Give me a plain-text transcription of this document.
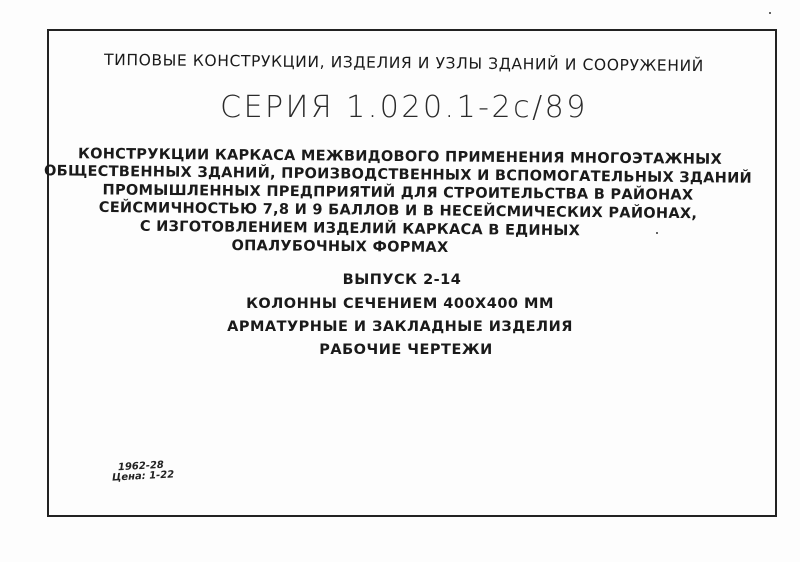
ТИПОВЫЕ КОНСТРУКЦИИ, ИЗДЕЛИЯ И УЗЛЫ ЗДАНИЙ И СООРУЖЕНИЙ
СЕРИЯ 1.020.1-2с/89
КОНСТРУКЦИИ КАРКАСА МЕЖВИДОВОГО ПРИМЕНЕНИЯ МНОГОЭТАЖНЫХ
ОБЩЕСТВЕННЫХ ЗДАНИЙ, ПРОИЗВОДСТВЕННЫХ И ВСПОМОГАТЕЛЬНЫХ ЗДАНИЙ
ПРОМЫШЛЕННЫХ ПРЕДПРИЯТИЙ ДЛЯ СТРОИТЕЛЬСТВА В РАЙОНАХ
СЕЙСМИЧНОСТЬЮ 7,8 И 9 БАЛЛОВ И В НЕСЕЙСМИЧЕСКИХ РАЙОНАХ,
С ИЗГОТОВЛЕНИЕМ ИЗДЕЛИЙ КАРКАСА В ЕДИНЫХ
ОПАЛУБОЧНЫХ ФОРМАХ
ВЫПУСК 2-14
КОЛОННЫ СЕЧЕНИЕМ 400Х400 ММ
АРМАТУРНЫЕ И ЗАКЛАДНЫЕ ИЗДЕЛИЯ
РАБОЧИЕ ЧЕРТЕЖИ
1962-28
Цена: 1-22
